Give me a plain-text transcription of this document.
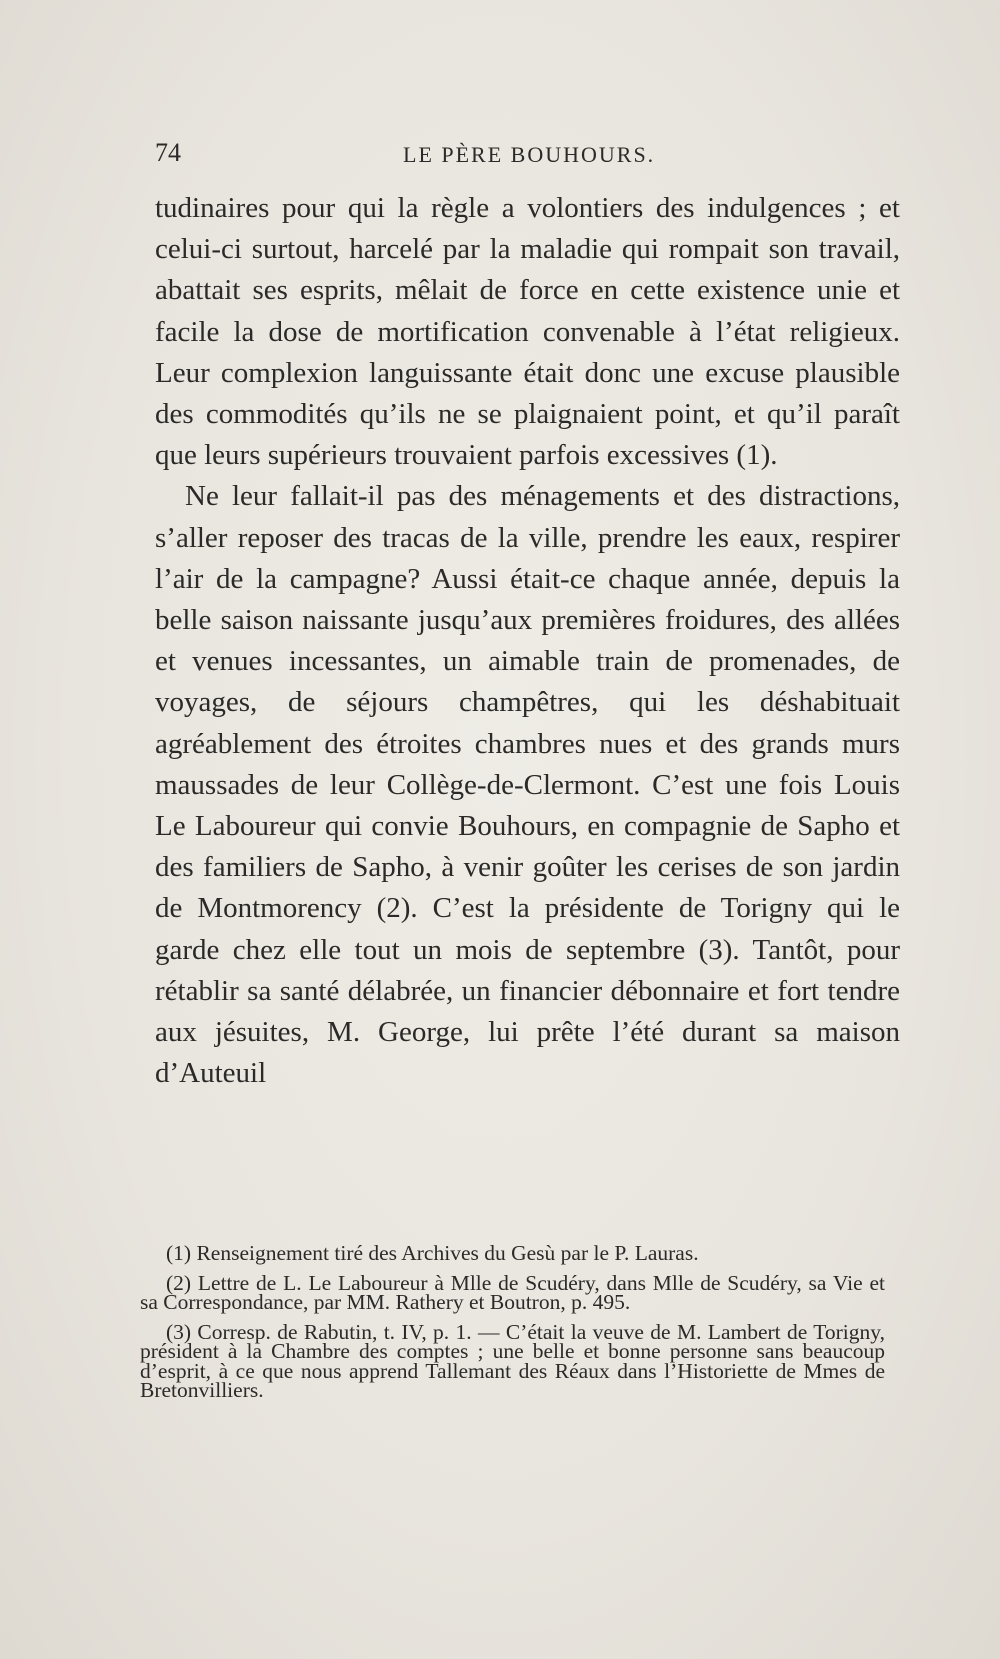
74	LE PÈRE BOUHOURS.

tudinaires pour qui la règle a volontiers des indulgences ; et celui-ci surtout, harcelé par la maladie qui rompait son travail, abattait ses esprits, mêlait de force en cette existence unie et facile la dose de mortification convenable à l’état religieux. Leur complexion languissante était donc une excuse plausible des commodités qu’ils ne se plaignaient point, et qu’il paraît que leurs supérieurs trouvaient parfois excessives (1).

Ne leur fallait-il pas des ménagements et des distractions, s’aller reposer des tracas de la ville, prendre les eaux, respirer l’air de la campagne? Aussi était-ce chaque année, depuis la belle saison naissante jusqu’aux premières froidures, des allées et venues incessantes, un aimable train de promenades, de voyages, de séjours champêtres, qui les déshabituait agréablement des étroites chambres nues et des grands murs maussades de leur Collège-de-Clermont. C’est une fois Louis Le Laboureur qui convie Bouhours, en compagnie de Sapho et des familiers de Sapho, à venir goûter les cerises de son jardin de Montmorency (2). C’est la présidente de Torigny qui le garde chez elle tout un mois de septembre (3). Tantôt, pour rétablir sa santé délabrée, un financier débonnaire et fort tendre aux jésuites, M. George, lui prête l’été durant sa maison d’Auteuil

(1) Renseignement tiré des Archives du Gesù par le P. Lauras.

(2) Lettre de L. Le Laboureur à Mlle de Scudéry, dans Mlle de Scudéry, sa Vie et sa Correspondance, par MM. Rathery et Boutron, p. 495.

(3) Corresp. de Rabutin, t. IV, p. 1. — C’était la veuve de M. Lambert de Torigny, président à la Chambre des comptes ; une belle et bonne personne sans beaucoup d’esprit, à ce que nous apprend Tallemant des Réaux dans l’Historiette de Mmes de Bretonvilliers.
